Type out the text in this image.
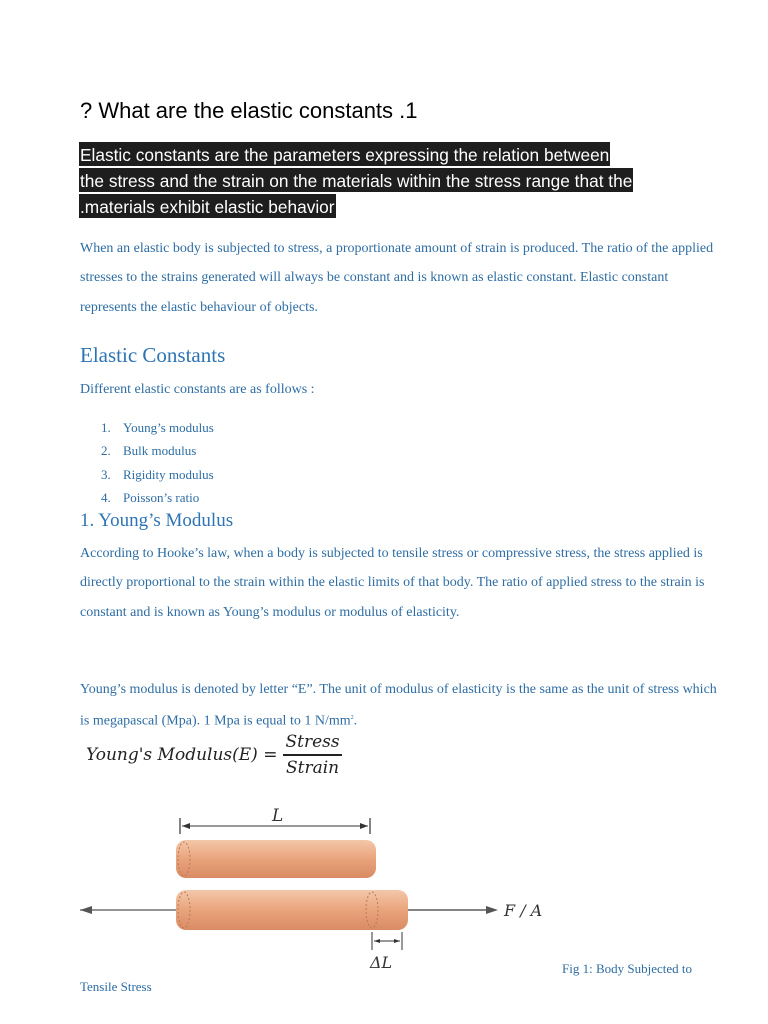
? What are the elastic constants .1
Elastic constants are the parameters expressing the relation between
the stress and the strain on the materials within the stress range that the
.materials exhibit elastic behavior

When an elastic body is subjected to stress, a proportionate amount of strain is produced. The ratio of the applied stresses to the strains generated will always be constant and is known as elastic constant. Elastic constant represents the elastic behaviour of objects.

Elastic Constants

Different elastic constants are as follows :

1. Young’s modulus
2. Bulk modulus
3. Rigidity modulus
4. Poisson’s ratio
1. Young’s Modulus

According to Hooke’s law, when a body is subjected to tensile stress or compressive stress, the stress applied is directly proportional to the strain within the elastic limits of that body. The ratio of applied stress to the strain is constant and is known as Young’s modulus or modulus of elasticity.

Young’s modulus is denoted by letter “E”. The unit of modulus of elasticity is the same as the unit of stress which is megapascal (Mpa). 1 Mpa is equal to 1 $N/mm^2$.

Young's Modulus(E) = $\frac{\text{Stress}}{\text{Strain}}$
L
F / A
ΔL	Fig 1: Body Subjected to
Tensile Stress
